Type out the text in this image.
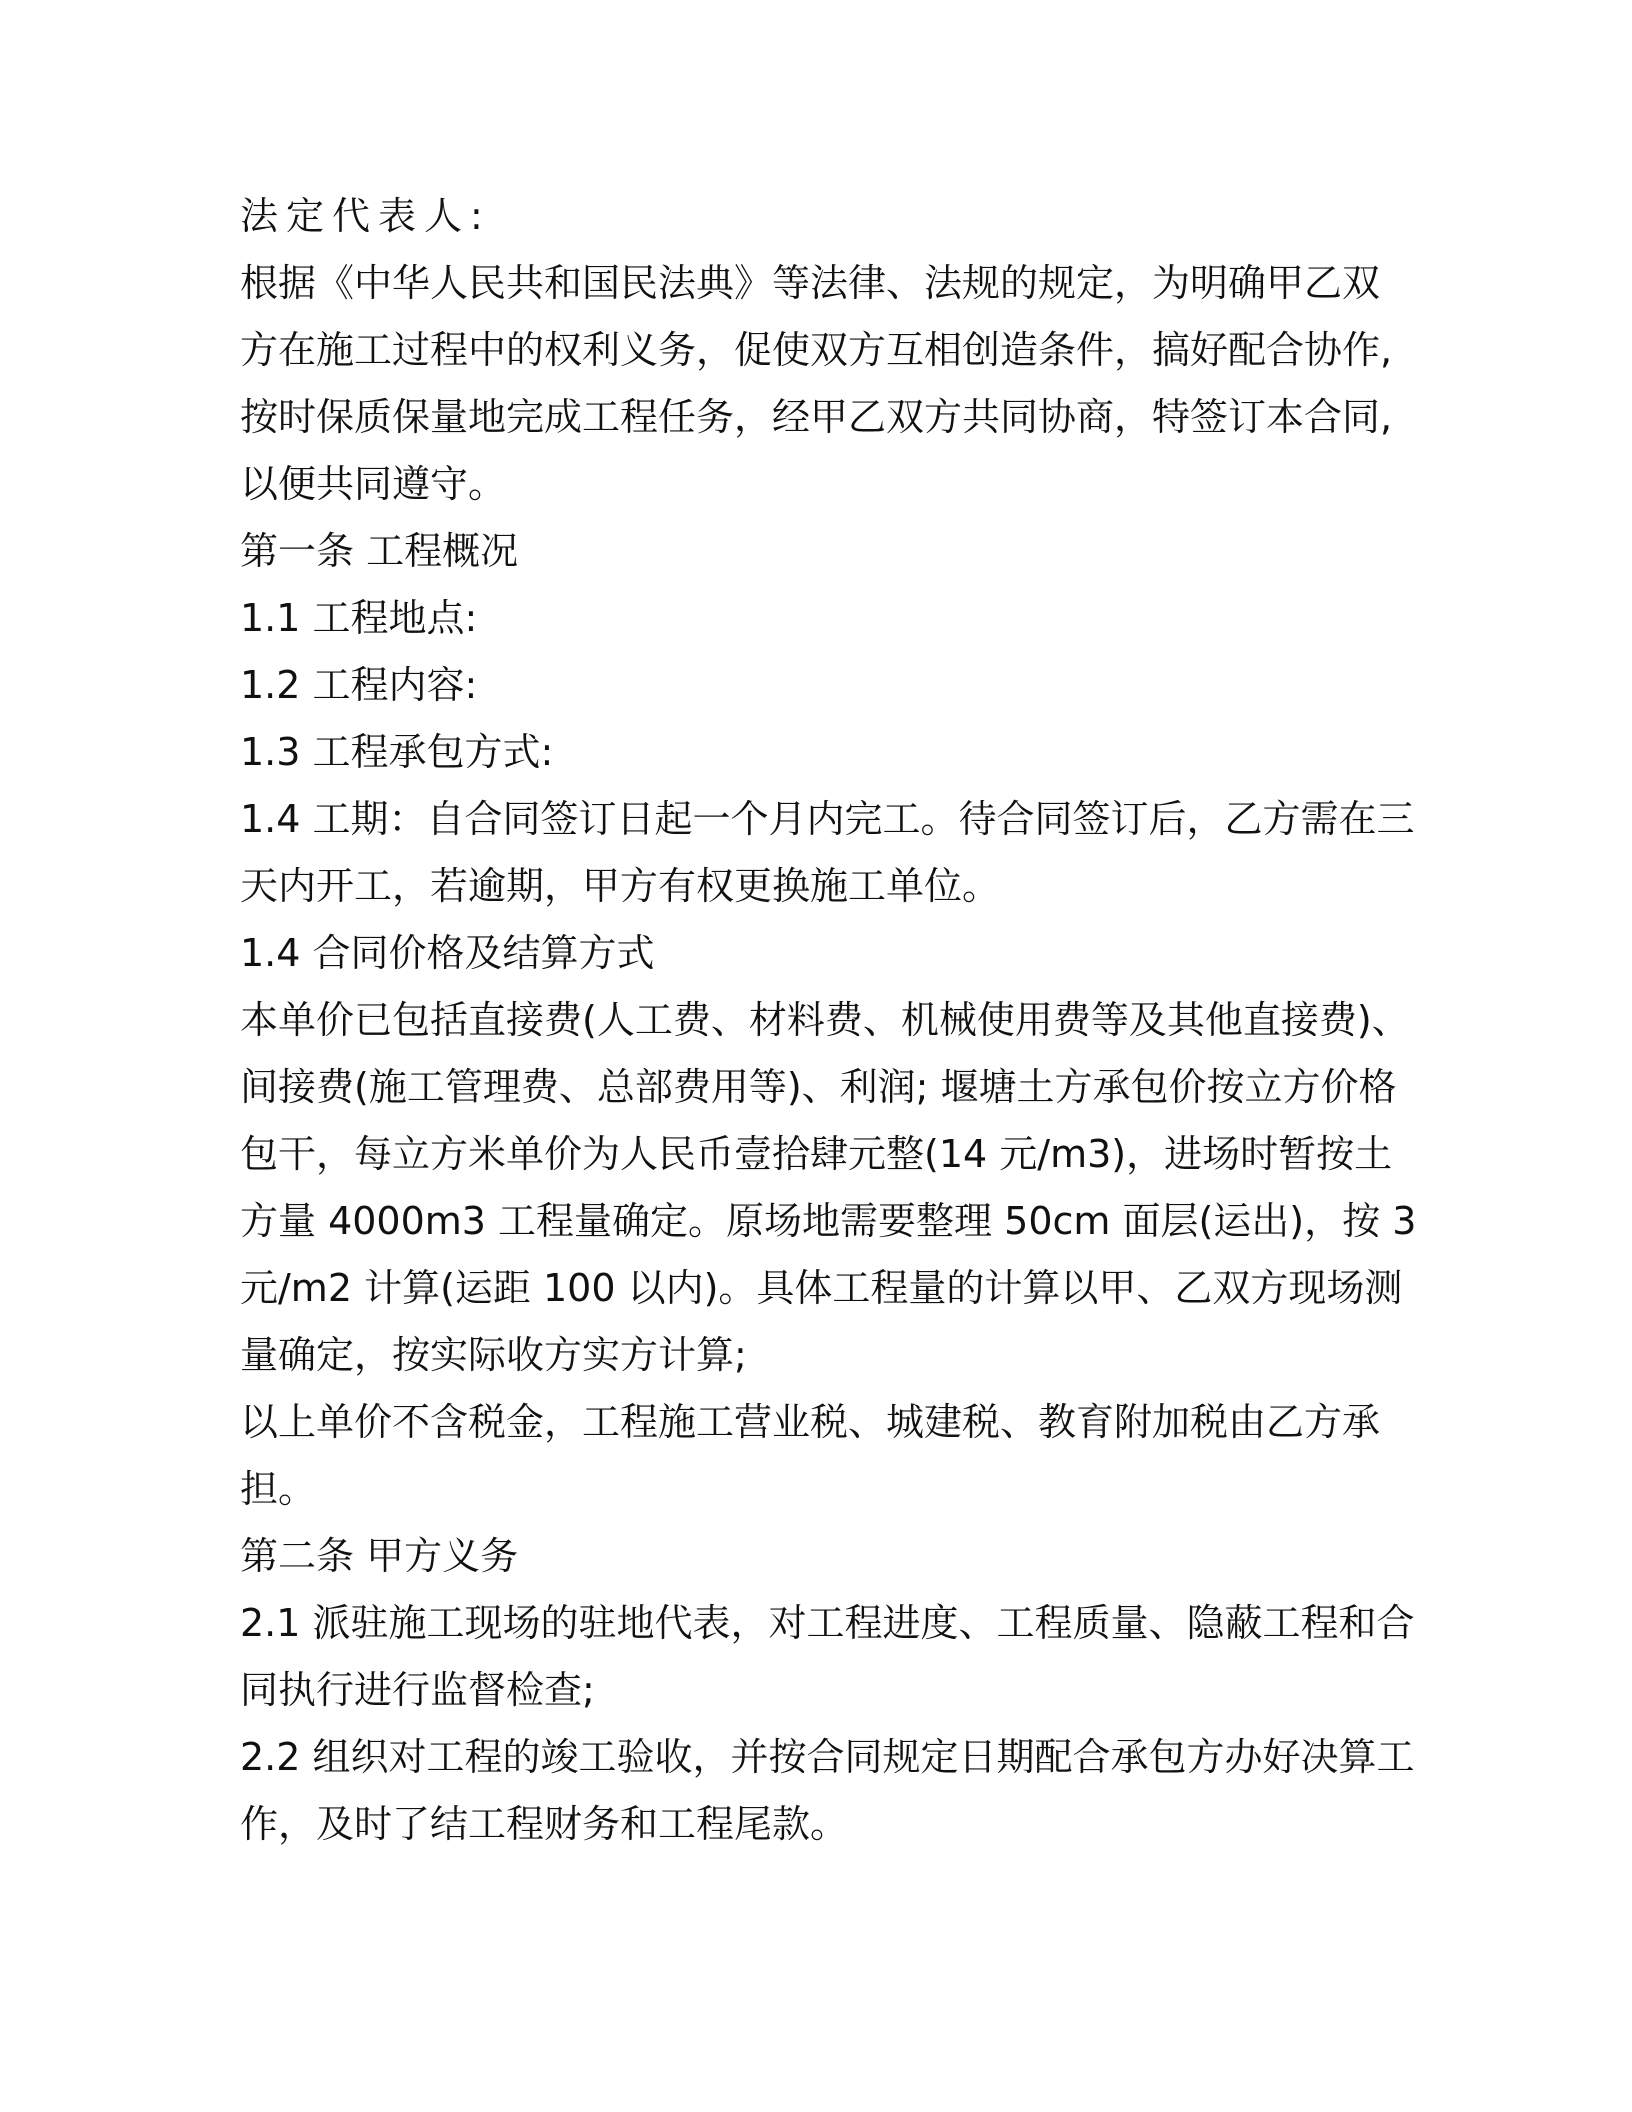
法定代表人:
根据《中华人民共和国民法典》等法律、法规的规定，为明确甲乙双
方在施工过程中的权利义务，促使双方互相创造条件，搞好配合协作,
按时保质保量地完成工程任务，经甲乙双方共同协商，特签订本合同,
以便共同遵守。
第一条 工程概况
1.1 工程地点:
1.2 工程内容:
1.3 工程承包方式:
1.4 工期：自合同签订日起一个月内完工。待合同签订后，乙方需在三
天内开工，若逾期，甲方有权更换施工单位。
1.4 合同价格及结算方式
本单价已包括直接费(人工费、材料费、机械使用费等及其他直接费)、
间接费(施工管理费、总部费用等)、利润; 堰塘土方承包价按立方价格
包干，每立方米单价为人民币壹拾肆元整(14 元/m3)，进场时暂按土
方量 4000m3 工程量确定。原场地需要整理 50cm 面层(运出)，按 3
元/m2 计算(运距 100 以内)。具体工程量的计算以甲、乙双方现场测
量确定，按实际收方实方计算;
以上单价不含税金，工程施工营业税、城建税、教育附加税由乙方承
担。
第二条 甲方义务
2.1 派驻施工现场的驻地代表，对工程进度、工程质量、隐蔽工程和合
同执行进行监督检查;
2.2 组织对工程的竣工验收，并按合同规定日期配合承包方办好决算工
作，及时了结工程财务和工程尾款。
